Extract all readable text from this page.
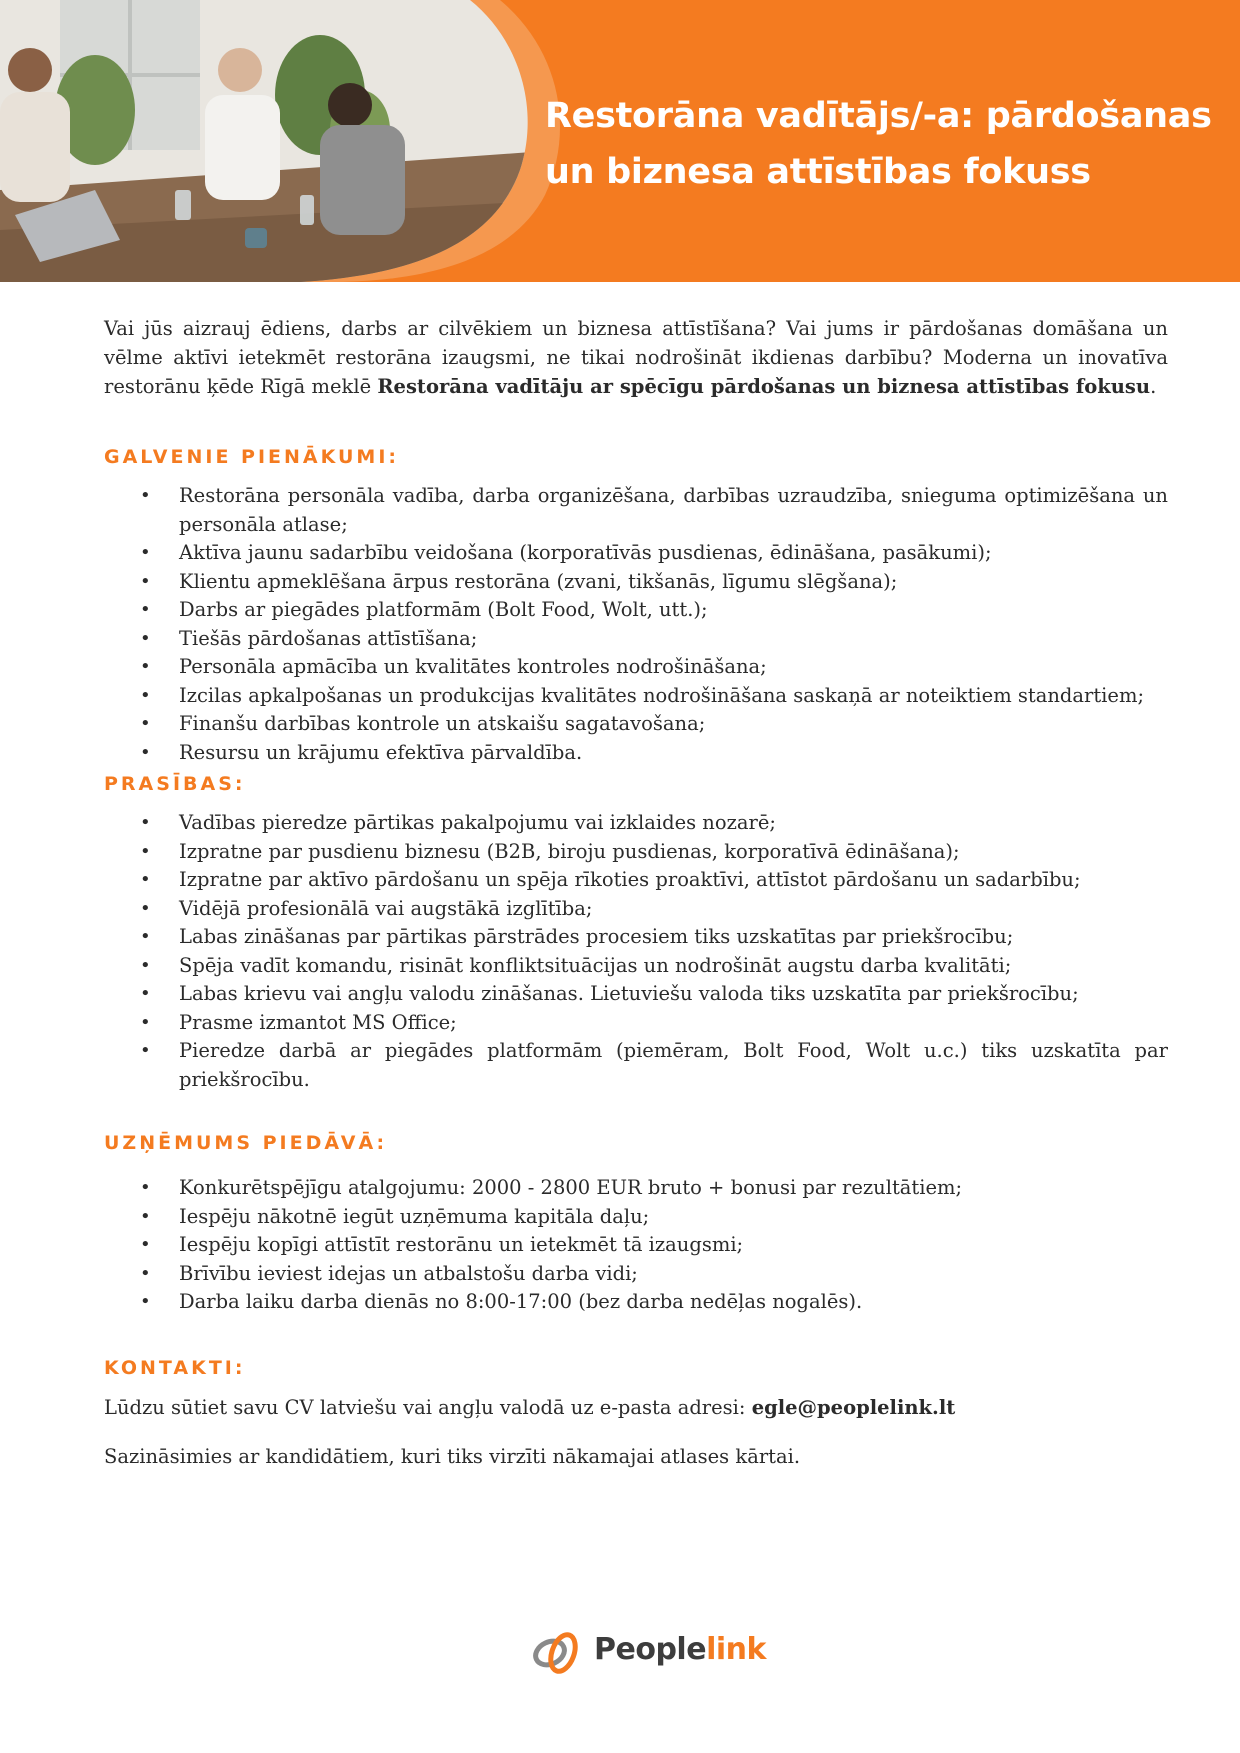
Restorāna vadītājs/-a: pārdošanas
un biznesa attīstības fokuss

Vai jūs aizrauj ēdiens, darbs ar cilvēkiem un biznesa attīstīšana? Vai jums ir pārdošanas domāšana un vēlme aktīvi ietekmēt restorāna izaugsmi, ne tikai nodrošināt ikdienas darbību? Moderna un inovatīva restorānu ķēde Rīgā meklē Restorāna vadītāju ar spēcīgu pārdošanas un biznesa attīstības fokusu.

GALVENIE PIENĀKUMI:
• Restorāna personāla vadība, darba organizēšana, darbības uzraudzība, snieguma optimizēšana un personāla atlase;
• Aktīva jaunu sadarbību veidošana (korporatīvās pusdienas, ēdināšana, pasākumi);
• Klientu apmeklēšana ārpus restorāna (zvani, tikšanās, līgumu slēgšana);
• Darbs ar piegādes platformām (Bolt Food, Wolt, utt.);
• Tiešās pārdošanas attīstīšana;
• Personāla apmācība un kvalitātes kontroles nodrošināšana;
• Izcilas apkalpošanas un produkcijas kvalitātes nodrošināšana saskaņā ar noteiktiem standartiem;
• Finanšu darbības kontrole un atskaišu sagatavošana;
• Resursu un krājumu efektīva pārvaldība.
PRASĪBAS:
• Vadības pieredze pārtikas pakalpojumu vai izklaides nozarē;
• Izpratne par pusdienu biznesu (B2B, biroju pusdienas, korporatīvā ēdināšana);
• Izpratne par aktīvo pārdošanu un spēja rīkoties proaktīvi, attīstot pārdošanu un sadarbību;
• Vidējā profesionālā vai augstākā izglītība;
• Labas zināšanas par pārtikas pārstrādes procesiem tiks uzskatītas par priekšrocību;
• Spēja vadīt komandu, risināt konfliktsituācijas un nodrošināt augstu darba kvalitāti;
• Labas krievu vai angļu valodu zināšanas. Lietuviešu valoda tiks uzskatīta par priekšrocību;
• Prasme izmantot MS Office;
• Pieredze darbā ar piegādes platformām (piemēram, Bolt Food, Wolt u.c.) tiks uzskatīta par priekšrocību.
UZŅĒMUMS PIEDĀVĀ:
• Konkurētspējīgu atalgojumu: 2000 - 2800 EUR bruto + bonusi par rezultātiem;
• Iespēju nākotnē iegūt uzņēmuma kapitāla daļu;
• Iespēju kopīgi attīstīt restorānu un ietekmēt tā izaugsmi;
• Brīvību ieviest idejas un atbalstošu darba vidi;
• Darba laiku darba dienās no 8:00-17:00 (bez darba nedēļas nogalēs).
KONTAKTI:

Lūdzu sūtiet savu CV latviešu vai angļu valodā uz e-pasta adresi: egle@peoplelink.lt

Sazināsimies ar kandidātiem, kuri tiks virzīti nākamajai atlases kārtai.

Peoplelink
